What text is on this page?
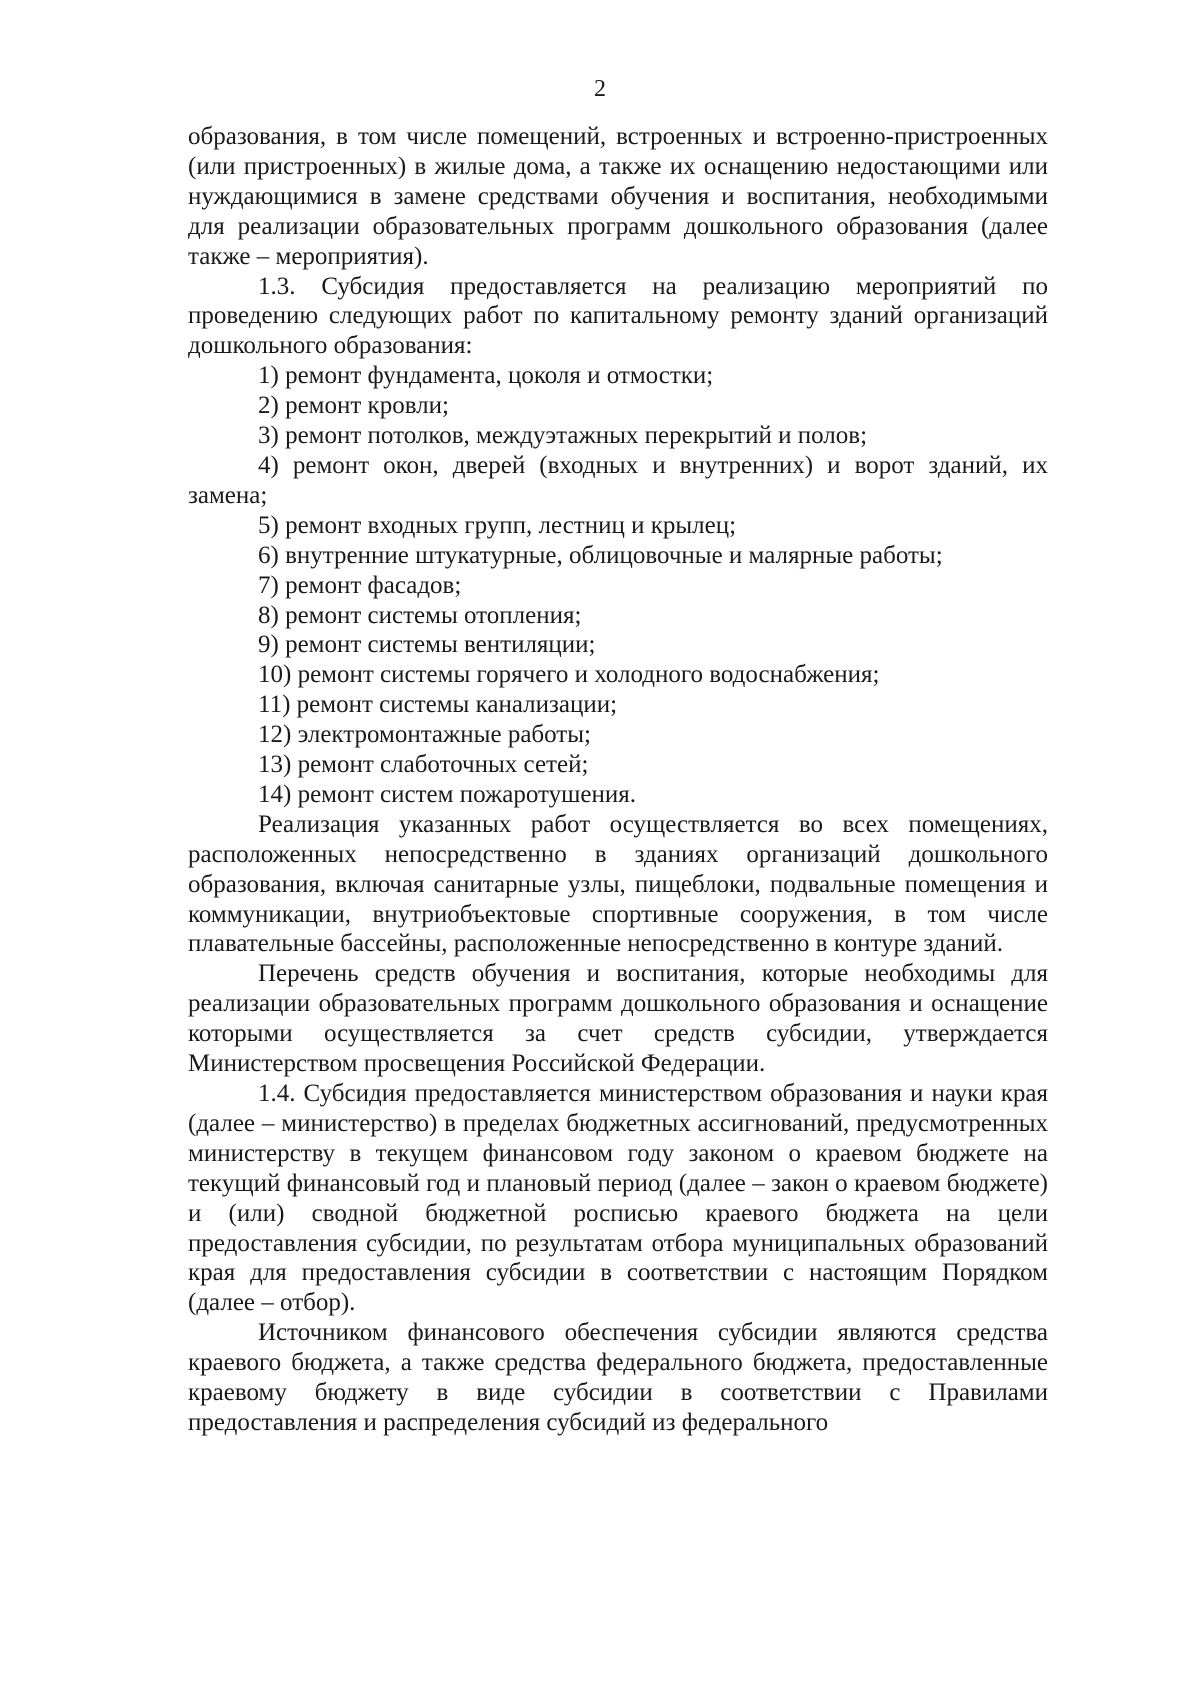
2

образования, в том числе помещений, встроенных и встроенно-пристроенных (или пристроенных) в жилые дома, а также их оснащению недостающими или нуждающимися в замене средствами обучения и воспитания, необходимыми для реализации образовательных программ дошкольного образования (далее также – мероприятия).

1.3. Субсидия предоставляется на реализацию мероприятий по проведению следующих работ по капитальному ремонту зданий организаций дошкольного образования:

1) ремонт фундамента, цоколя и отмостки;

2) ремонт кровли;

3) ремонт потолков, междуэтажных перекрытий и полов;

4) ремонт окон, дверей (входных и внутренних) и ворот зданий, их замена;

5) ремонт входных групп, лестниц и крылец;

6) внутренние штукатурные, облицовочные и малярные работы;

7) ремонт фасадов;

8) ремонт системы отопления;

9) ремонт системы вентиляции;

10) ремонт системы горячего и холодного водоснабжения;

11) ремонт системы канализации;

12) электромонтажные работы;

13) ремонт слаботочных сетей;

14) ремонт систем пожаротушения.

Реализация указанных работ осуществляется во всех помещениях, расположенных непосредственно в зданиях организаций дошкольного образования, включая санитарные узлы, пищеблоки, подвальные помещения и коммуникации, внутриобъектовые спортивные сооружения, в том числе плавательные бассейны, расположенные непосредственно в контуре зданий.

Перечень средств обучения и воспитания, которые необходимы для реализации образовательных программ дошкольного образования и оснащение которыми осуществляется за счет средств субсидии, утверждается Министерством просвещения Российской Федерации.

1.4. Субсидия предоставляется министерством образования и науки края (далее – министерство) в пределах бюджетных ассигнований, предусмотренных министерству в текущем финансовом году законом о краевом бюджете на текущий финансовый год и плановый период (далее – закон о краевом бюджете) и (или) сводной бюджетной росписью краевого бюджета на цели предоставления субсидии, по результатам отбора муниципальных образований края для предоставления субсидии в соответствии с настоящим Порядком (далее – отбор).

Источником финансового обеспечения субсидии являются средства краевого бюджета, а также средства федерального бюджета, предоставленные краевому бюджету в виде субсидии в соответствии с Правилами предоставления и распределения субсидий из федерального
